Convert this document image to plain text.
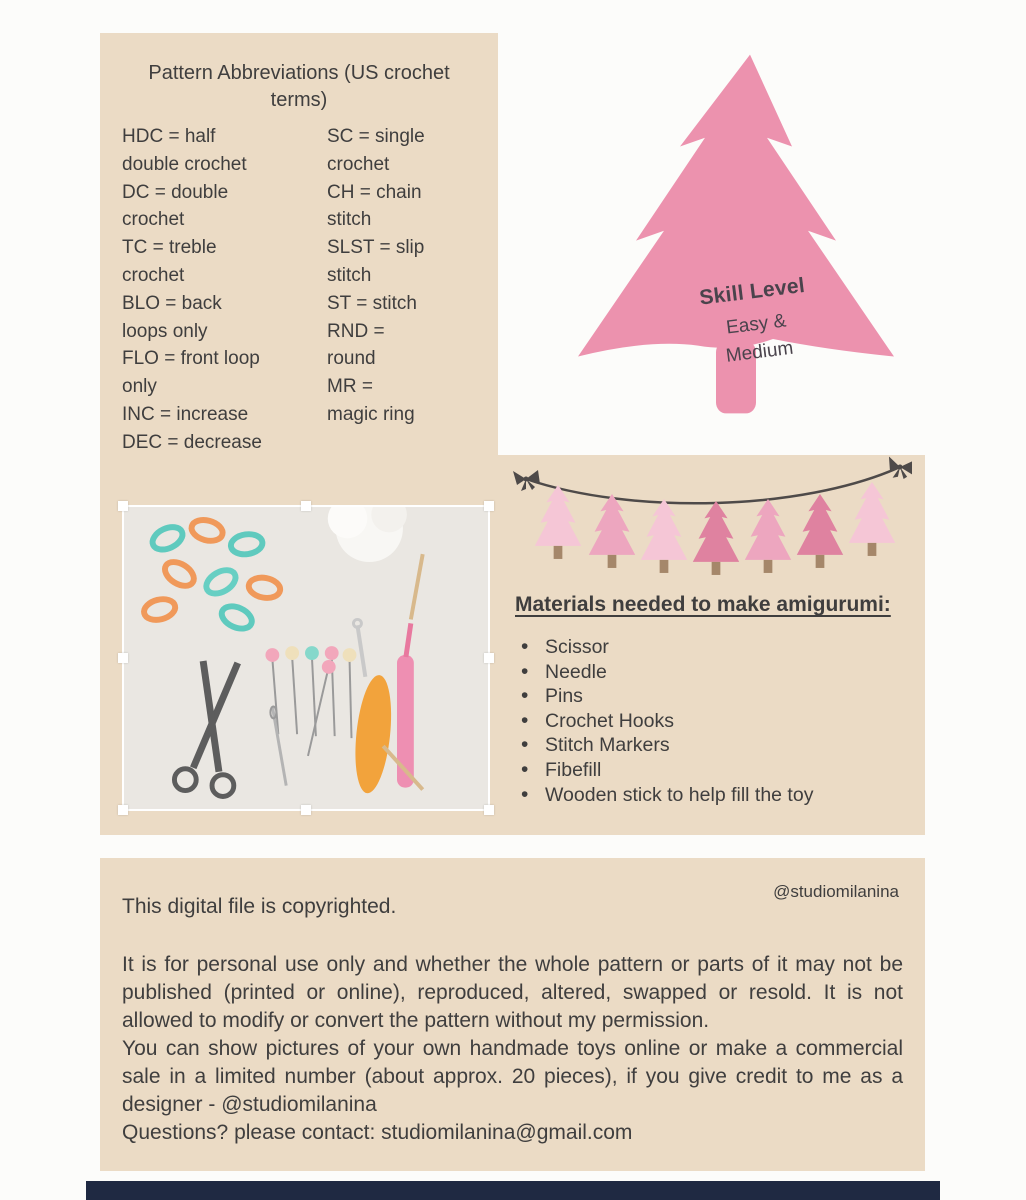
Pattern Abbreviations (US crochet terms)
HDC = half double crochet
DC = double crochet
TC = treble crochet
BLO = back loops only
FLO = front loop only
INC = increase
DEC = decrease
SC = single crochet
CH = chain stitch
SLST = slip stitch
ST = stitch
RND = round
MR = magic ring
Skill Level
Easy & Medium
Materials needed to make amigurumi:
• Scissor
• Needle
• Pins
• Crochet Hooks
• Stitch Markers
• Fibefill
• Wooden stick to help fill the toy
@studiomilanina

This digital file is copyrighted.

It is for personal use only and whether the whole pattern or parts of it may not be published (printed or online), reproduced, altered, swapped or resold. It is not allowed to modify or convert the pattern without my permission.

You can show pictures of your own handmade toys online or make a commercial sale in a limited number (about approx. 20 pieces), if you give credit to me as a designer - @studiomilanina

Questions? please contact: studiomilanina@gmail.com
